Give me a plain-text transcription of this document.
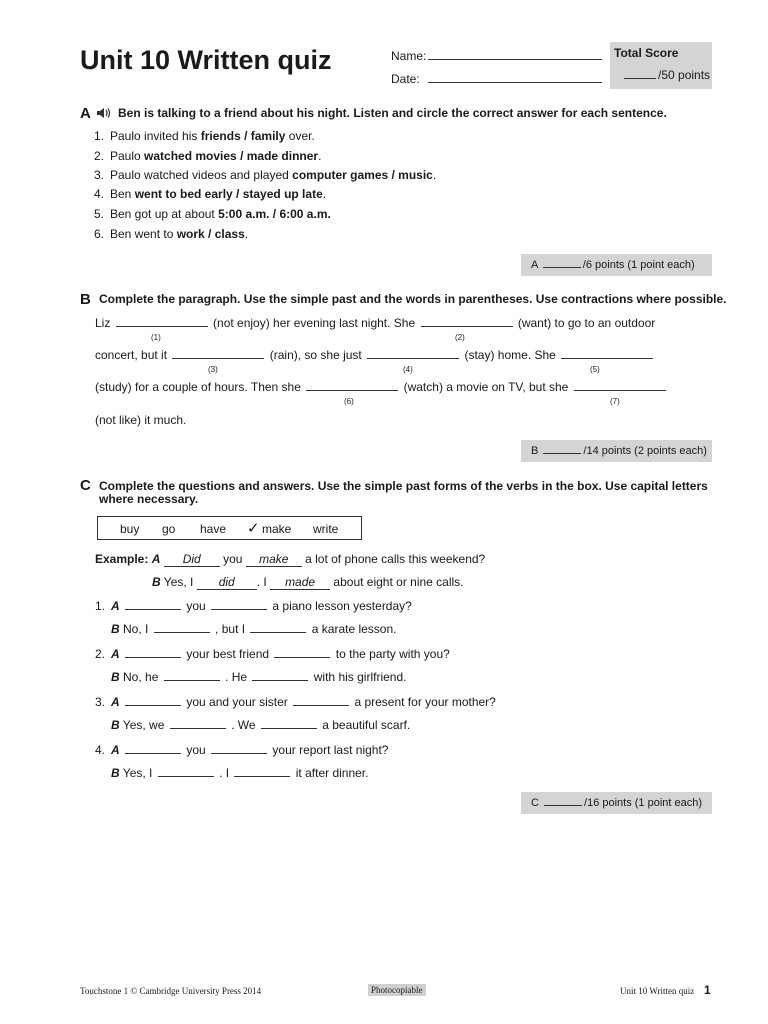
Unit 10 Written quiz	Name:
Date:
Total Score
/50 points
A Ben is talking to a friend about his night. Listen and circle the correct answer for each sentence.
1. Paulo invited his friends / family over.
2. Paulo watched movies / made dinner.
3. Paulo watched videos and played computer games / music.
4. Ben went to bed early / stayed up late.
5. Ben got up at about 5:00 a.m. / 6:00 a.m.
6. Ben went to work / class.
A	/6 points (1 point each)
B Complete the paragraph. Use the simple past and the words in parentheses. Use contractions where possible.
Liz	(not enjoy) her evening last night. She	(want) to go to an outdoor
(1)	(2)
concert, but it	(rain), so she just	(stay) home. She
(3)	(4)	(5)
(study) for a couple of hours. Then she	(watch) a movie on TV, but she
(6)	(7)
(not like) it much.
B	/14 points (2 points each)
C Complete the questions and answers. Use the simple past forms of the verbs in the box. Use capital letters
where necessary.
buy go have ✓ make write
Example: A Did you make a lot of phone calls this weekend?
B Yes, I did . I made about eight or nine calls.
1. A	you	a piano lesson yesterday?
B No, I	, but I	a karate lesson.
2. A	your best friend	to the party with you?
B No, he	. He	with his girlfriend.
3. A	you and your sister	a present for your mother?
B Yes, we	. We	a beautiful scarf.
4. A	you	your report last night?
B Yes, I	. I	it after dinner.
C	/16 points (1 point each)
Touchstone 1 © Cambridge University Press 2014	Photocopiable	Unit 10 Written quiz 1
